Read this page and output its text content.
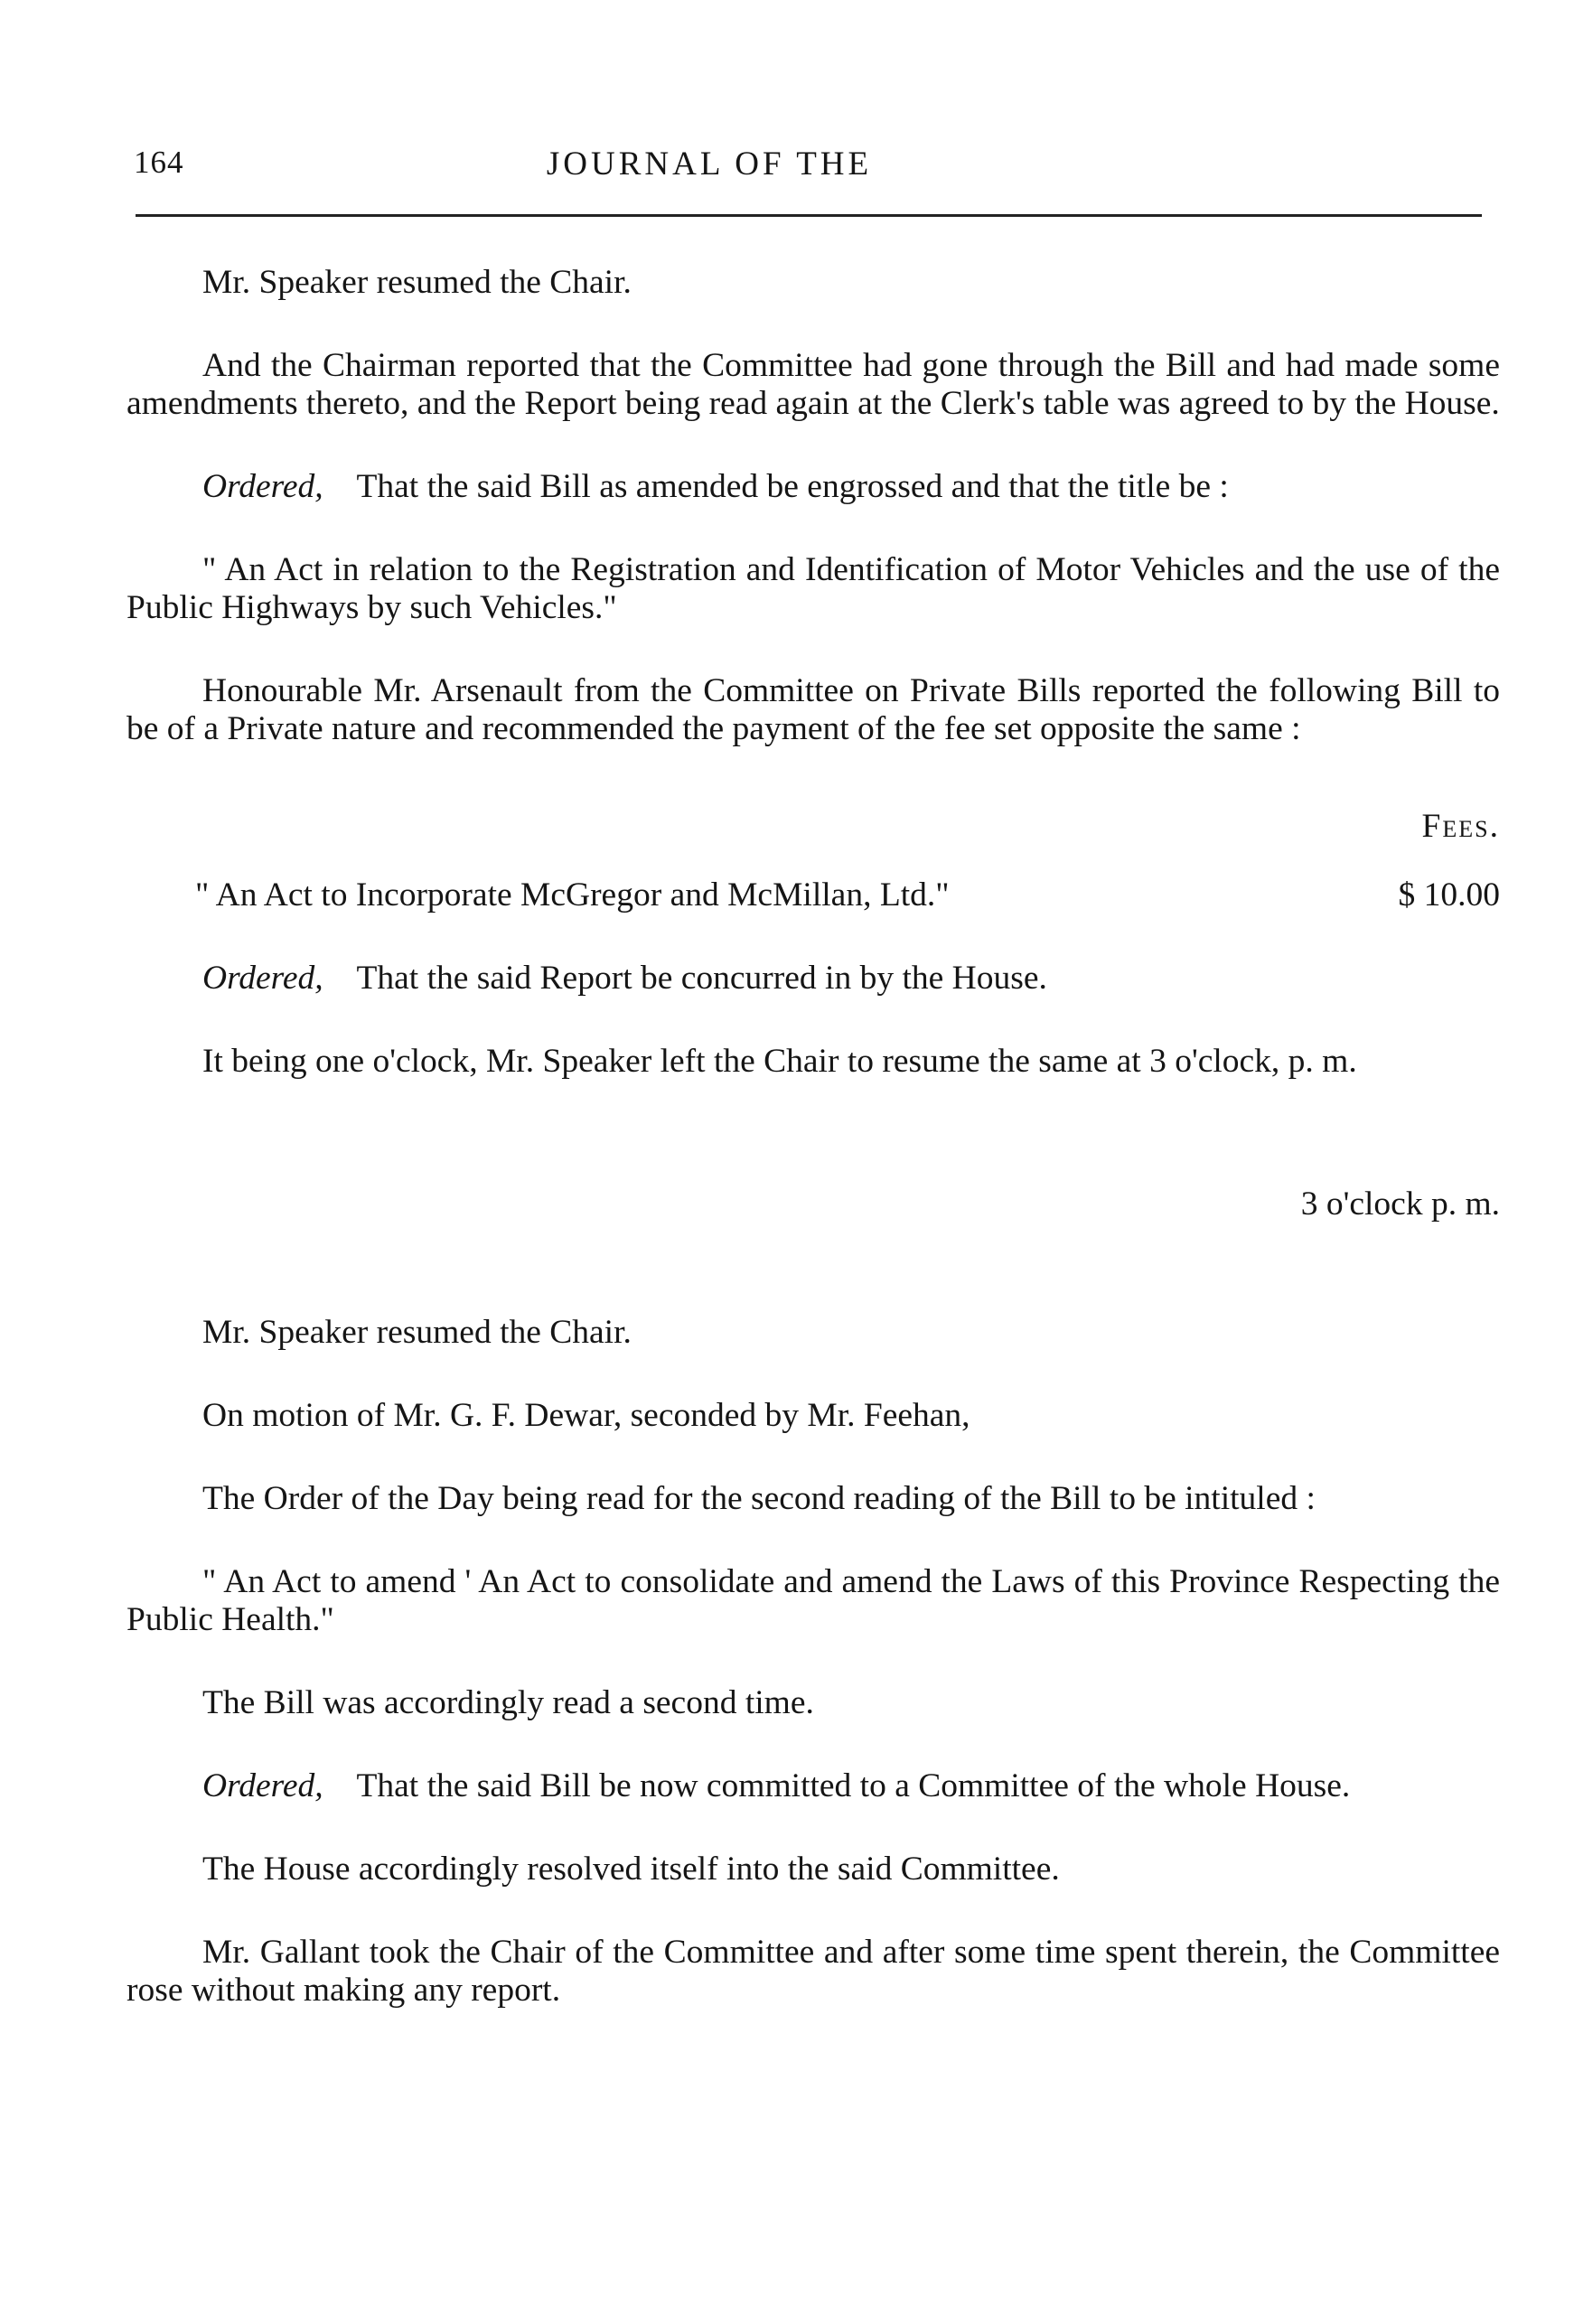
164	JOURNAL OF THE

Mr. Speaker resumed the Chair.

And the Chairman reported that the Committee had gone through the Bill and had made some amendments thereto, and the Report being read again at the Clerk's table was agreed to by the House.

Ordered, That the said Bill as amended be engrossed and that the title be :

" An Act in relation to the Registration and Identification of Motor Vehicles and the use of the Public Highways by such Vehicles."

Honourable Mr. Arsenault from the Committee on Private Bills reported the following Bill to be of a Private nature and recommended the payment of the fee set opposite the same :

Fees.
" An Act to Incorporate McGregor and McMillan, Ltd."	$ 10.00

Ordered, That the said Report be concurred in by the House.

It being one o'clock, Mr. Speaker left the Chair to resume the same at 3 o'clock, p. m.

3 o'clock p. m.

Mr. Speaker resumed the Chair.

On motion of Mr. G. F. Dewar, seconded by Mr. Feehan,

The Order of the Day being read for the second reading of the Bill to be intituled :

" An Act to amend ' An Act to consolidate and amend the Laws of this Province Respecting the Public Health."

The Bill was accordingly read a second time.

Ordered, That the said Bill be now committed to a Committee of the whole House.

The House accordingly resolved itself into the said Committee.

Mr. Gallant took the Chair of the Committee and after some time spent therein, the Committee rose without making any report.
